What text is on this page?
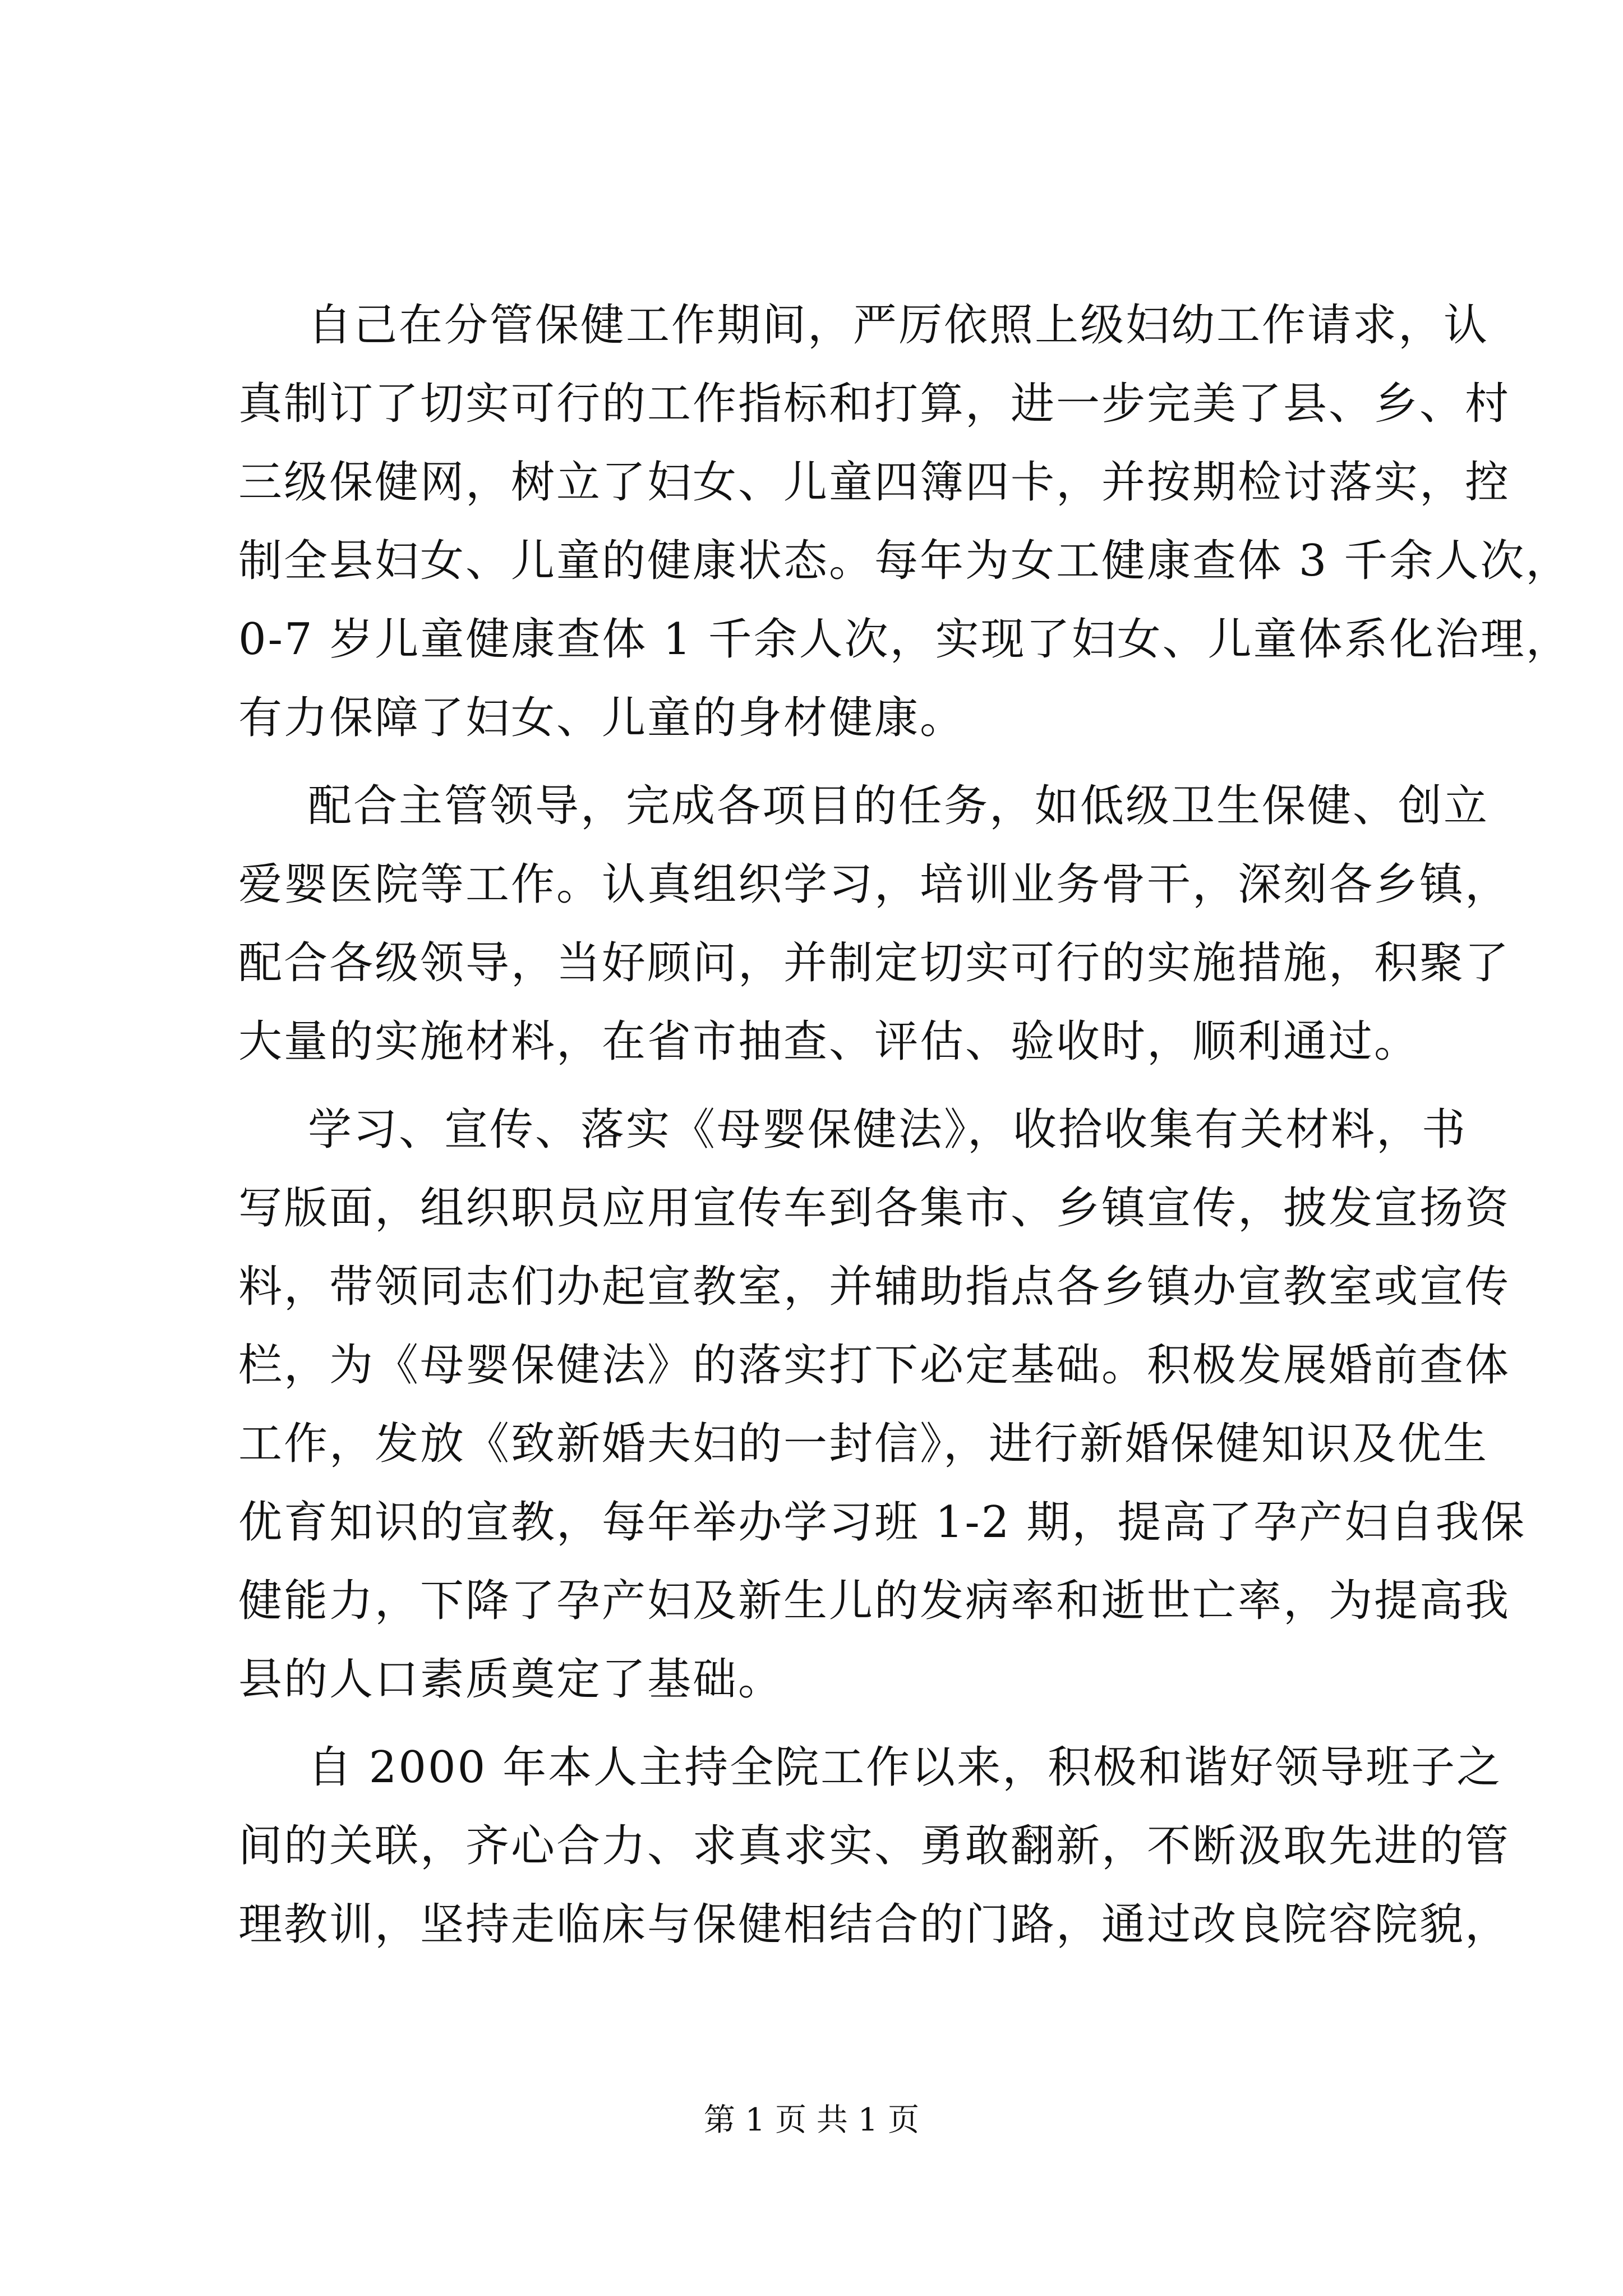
自己在分管保健工作期间，严厉依照上级妇幼工作请求，认
真制订了切实可行的工作指标和打算，进一步完美了县、乡、村
三级保健网，树立了妇女、儿童四簿四卡，并按期检讨落实，控
制全县妇女、儿童的健康状态。每年为女工健康查体 3 千余人次，
0-7 岁儿童健康查体 1 千余人次，实现了妇女、儿童体系化治理，
有力保障了妇女、儿童的身材健康。
配合主管领导，完成各项目的任务，如低级卫生保健、创立
爱婴医院等工作。认真组织学习，培训业务骨干，深刻各乡镇，
配合各级领导，当好顾问，并制定切实可行的实施措施，积聚了
大量的实施材料，在省市抽查、评估、验收时，顺利通过。
学习、宣传、落实《母婴保健法》，收拾收集有关材料，书
写版面，组织职员应用宣传车到各集市、乡镇宣传，披发宣扬资
料，带领同志们办起宣教室，并辅助指点各乡镇办宣教室或宣传
栏，为《母婴保健法》的落实打下必定基础。积极发展婚前查体
工作，发放《致新婚夫妇的一封信》，进行新婚保健知识及优生
优育知识的宣教，每年举办学习班 1-2 期，提高了孕产妇自我保
健能力，下降了孕产妇及新生儿的发病率和逝世亡率，为提高我
县的人口素质奠定了基础。
自 2000 年本人主持全院工作以来，积极和谐好领导班子之
间的关联，齐心合力、求真求实、勇敢翻新，不断汲取先进的管
理教训，坚持走临床与保健相结合的门路，通过改良院容院貌，
第 1 页 共 1 页
